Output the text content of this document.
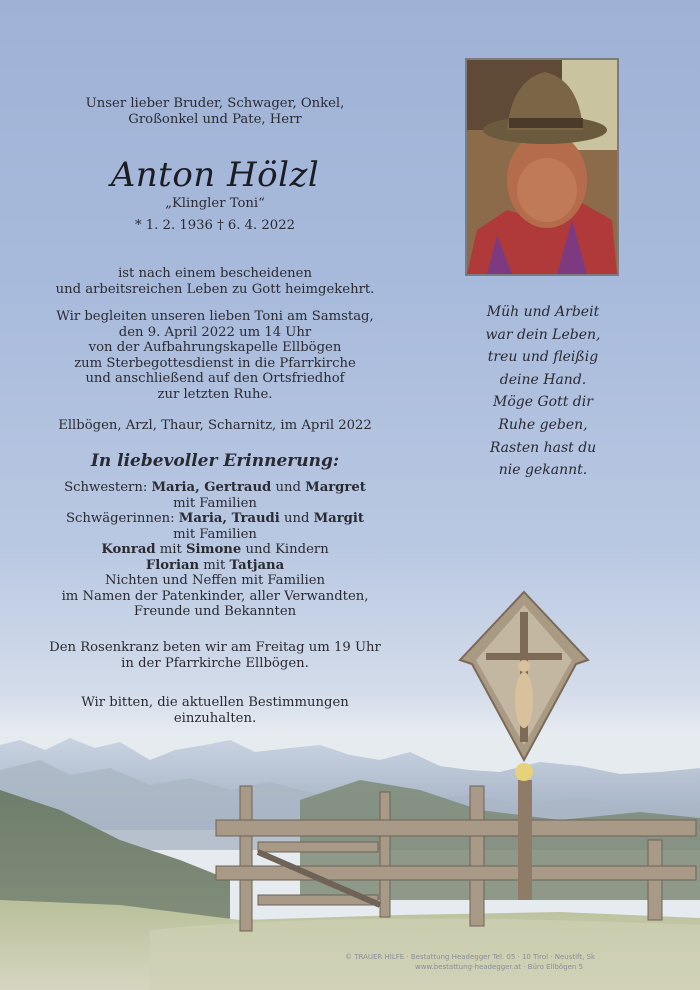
Unser lieber Bruder, Schwager, Onkel,
Großonkel und Pate, Herr
Anton Hölzl
„Klingler Toni“
* 1. 2. 1936 † 6. 4. 2022
ist nach einem bescheidenen
und arbeitsreichen Leben zu Gott heimgekehrt.
Wir begleiten unseren lieben Toni am Samstag,
den 9. April 2022 um 14 Uhr
von der Aufbahrungskapelle Ellbögen
zum Sterbegottesdienst in die Pfarrkirche
und anschließend auf den Ortsfriedhof
zur letzten Ruhe.
Ellbögen, Arzl, Thaur, Scharnitz, im April 2022
In liebevoller Erinnerung:
Schwestern: Maria, Gertraud und Margret
mit Familien
Schwägerinnen: Maria, Traudi und Margit
mit Familien
Konrad mit Simone und Kindern
Florian mit Tatjana
Nichten und Neffen mit Familien
im Namen der Patenkinder, aller Verwandten,
Freunde und Bekannten
Den Rosenkranz beten wir am Freitag um 19 Uhr
in der Pfarrkirche Ellbögen.
Wir bitten, die aktuellen Bestimmungen einzuhalten.
Müh und Arbeit
war dein Leben,
treu und fleißig
deine Hand.
Möge Gott dir
Ruhe geben,
Rasten hast du
nie gekannt.
© TRAUER HILFE · Bestattung Headegger Tel. 05 · 10 Tirol · Neustift, Sk
www.bestattung-headegger.at · Büro Ellbögen 5
